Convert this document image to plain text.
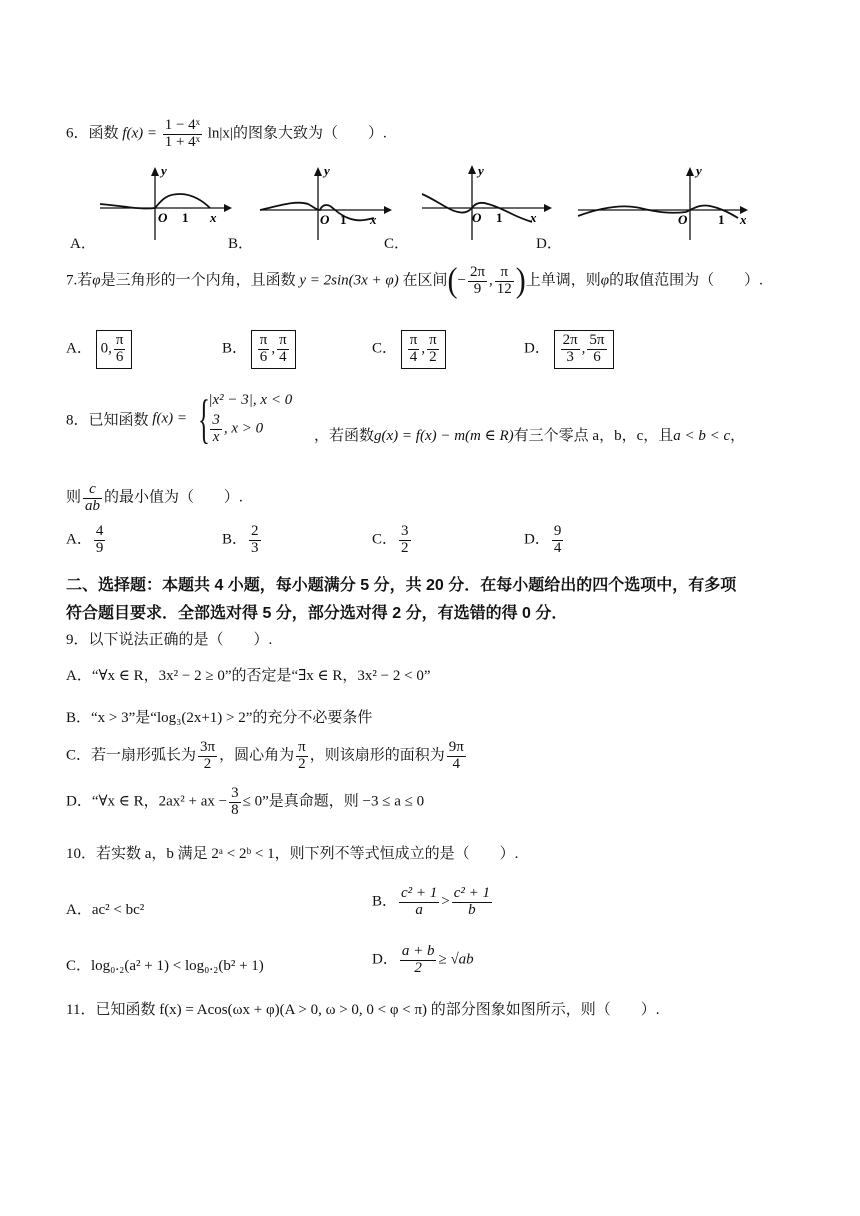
6．函数 $f(x) = \frac{\text{1 − 4ˣ}}{\text{1 + 4ˣ}} \ln|x|$的图象大致为（　　）.
y
O 1 x
y
O 1 x
y
O 1 x
y
O 1 x
A．	B．	C．	D．
7.若φ是三角形的一个内角，且函数 y = 2sin(3x + φ) 在区间(− $\frac{2\pi}{9}$ , $\frac{\pi}{12}$ )上单调，则φ的取值范围为（　　）.
A． 0, $\frac{\pi}{6}$	B． $\frac{\pi}{6}$ , $\frac{\pi}{4}$	C． $\frac{\pi}{4}$ , $\frac{\pi}{2}$	D． $\frac{2\pi}{3}$ , $\frac{5\pi}{6}$
8．已知函数 f(x) = {
|x² − 3|, x < 0
$\frac{3}{x}$ , x > 0	，若函数g(x) = f(x) − m(m ∈ R)有三个零点 a，b，c，且a < b < c，
则 $\frac{c}{ab}$ 的最小值为（　　）.
A． $\frac{4}{9}$	B． $\frac{2}{3}$	C． $\frac{3}{2}$	D． $\frac{9}{4}$
二、选择题：本题共 4 小题，每小题满分 5 分，共 20 分．在每小题给出的四个选项中，有多项
符合题目要求．全部选对得 5 分，部分选对得 2 分，有选错的得 0 分．
9．以下说法正确的是（　　）.
A．“∀x ∈ R，3x² − 2 ≥ 0”的否定是“∃x ∈ R，3x² − 2 < 0”
B．“x > 3”是“log₃(2x+1) > 2”的充分不必要条件
C．若一扇形弧长为 $\frac{3\pi}{2}$ ，圆心角为 $\frac{\pi}{2}$ ，则该扇形的面积为 $\frac{9\pi}{4}$
D．“∀x ∈ R，2ax² + ax − $\frac{3}{8} \le 0$”是真命题，则 −3 ≤ a ≤ 0
10．若实数 a，b 满足 2ᵃ < 2ᵇ < 1，则下列不等式恒成立的是（　　）.
A．ac² < bc²
B． $\frac{\text{c² + 1}}{a} > \frac{\text{c² + 1}}{b}$
C．log₀.₂(a² + 1) < log₀.₂(b² + 1)	D． $\frac{a + b}{2} \ge √ab$
11．已知函数 f(x) = Acos(ωx + φ)(A > 0, ω > 0, 0 < φ < π) 的部分图象如图所示，则（　　）.
